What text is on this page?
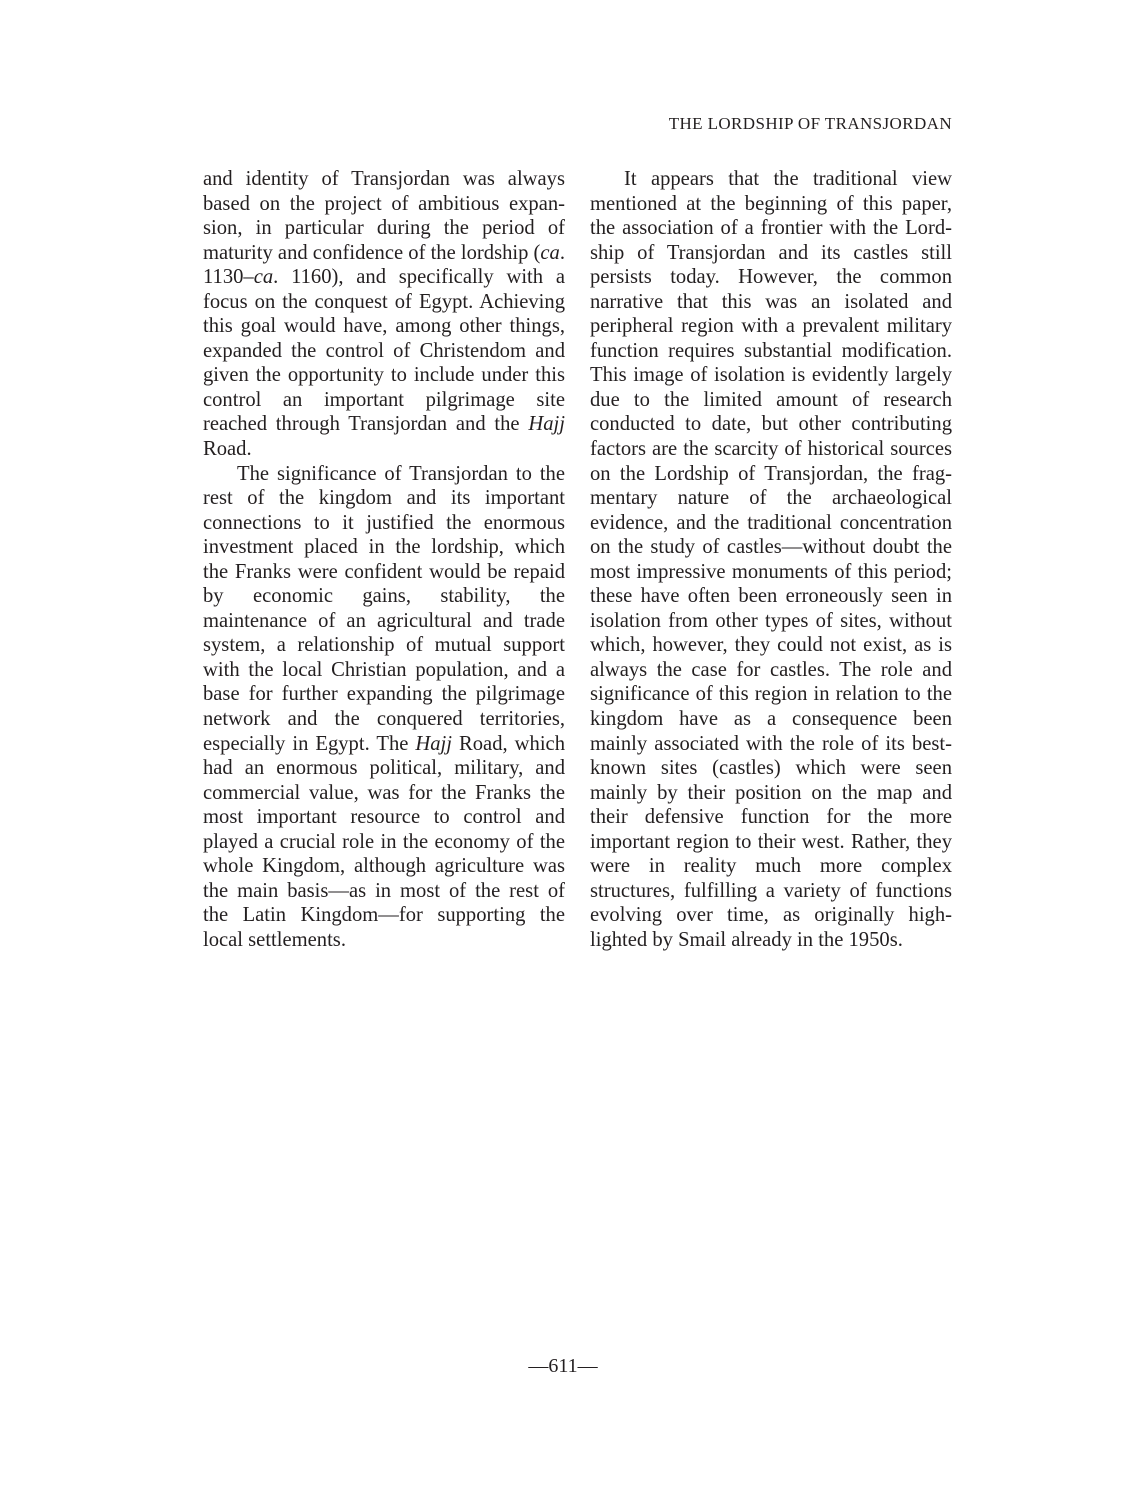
THE LORDSHIP OF TRANSJORDAN

and identity of Transjordan was always based on the project of ambitious expansion, in particular during the period of maturity and confidence of the lordship (ca. 1130–ca. 1160), and specifically with a focus on the conquest of Egypt. Achieving this goal would have, among other things, expanded the control of Christendom and given the opportunity to include under this control an important pilgrimage site reached through Transjordan and the Hajj Road.

The significance of Transjordan to the rest of the kingdom and its important connections to it justified the enormous investment placed in the lordship, which the Franks were confident would be repaid by economic gains, stability, the maintenance of an agricultural and trade system, a relationship of mutual support with the local Christian population, and a base for further expanding the pilgrimage network and the conquered territories, especially in Egypt. The Hajj Road, which had an enormous political, military, and commercial value, was for the Franks the most important resource to control and played a crucial role in the economy of the whole Kingdom, although agriculture was the main basis—as in most of the rest of the Latin Kingdom—for supporting the local settlements.

It appears that the traditional view mentioned at the beginning of this paper, the association of a frontier with the Lordship of Transjordan and its castles still persists today. However, the common narrative that this was an isolated and peripheral region with a prevalent military function requires substantial modification. This image of isolation is evidently largely due to the limited amount of research conducted to date, but other contributing factors are the scarcity of historical sources on the Lordship of Transjordan, the fragmentary nature of the archaeological evidence, and the traditional concentration on the study of castles—without doubt the most impressive monuments of this period; these have often been erroneously seen in isolation from other types of sites, without which, however, they could not exist, as is always the case for castles. The role and significance of this region in relation to the kingdom have as a consequence been mainly associated with the role of its best-known sites (castles) which were seen mainly by their position on the map and their defensive function for the more important region to their west. Rather, they were in reality much more complex structures, fulfilling a variety of functions evolving over time, as originally highlighted by Smail already in the 1950s.

—611—
